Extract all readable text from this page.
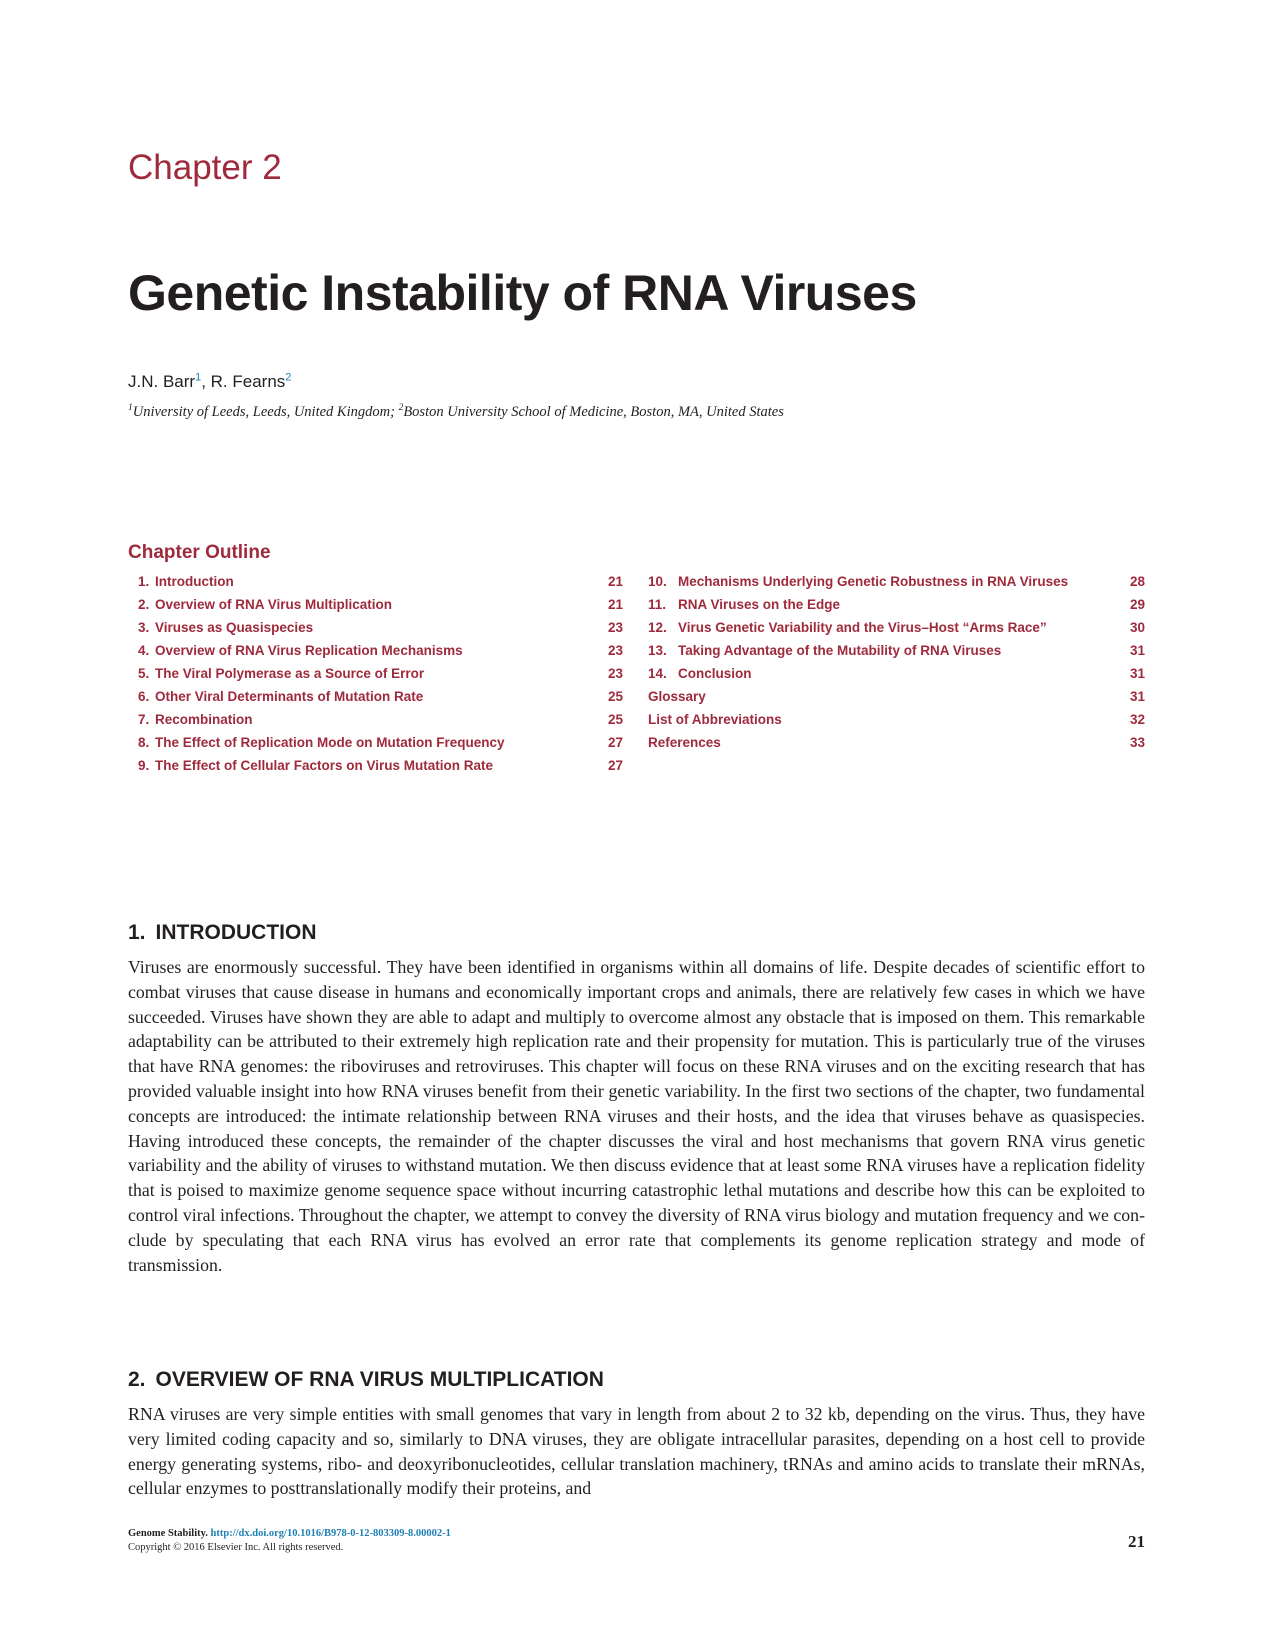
Chapter 2
Genetic Instability of RNA Viruses
J.N. Barr$^1$, R. Fearns$^2$
$^1$University of Leeds, Leeds, United Kingdom; $^2$Boston University School of Medicine, Boston, MA, United States
Chapter Outline
1. Introduction	21
2. Overview of RNA Virus Multiplication	21
3. Viruses as Quasispecies	23
4. Overview of RNA Virus Replication Mechanisms	23
5. The Viral Polymerase as a Source of Error	23
6. Other Viral Determinants of Mutation Rate	25
7. Recombination	25
8. The Effect of Replication Mode on Mutation Frequency	27
9. The Effect of Cellular Factors on Virus Mutation Rate	27
10. Mechanisms Underlying Genetic Robustness in RNA Viruses	28
11. RNA Viruses on the Edge	29
12. Virus Genetic Variability and the Virus–Host “Arms Race”	30
13. Taking Advantage of the Mutability of RNA Viruses	31
14. Conclusion	31
Glossary	31
List of Abbreviations	32
References	33
1. INTRODUCTION

Viruses are enormously successful. They have been identified in organisms within all domains of life. Despite decades of scientific effort to combat viruses that cause disease in humans and economically important crops and animals, there are relatively few cases in which we have succeeded. Viruses have shown they are able to adapt and multiply to overcome almost any obstacle that is imposed on them. This remarkable adaptability can be attributed to their extremely high replication rate and their propensity for mutation. This is particularly true of the viruses that have RNA genomes: the riboviruses and retroviruses. This chapter will focus on these RNA viruses and on the exciting research that has provided valuable insight into how RNA viruses benefit from their genetic variability. In the first two sections of the chapter, two fundamental concepts are introduced: the intimate relationship between RNA viruses and their hosts, and the idea that viruses behave as quasispecies. Having introduced these concepts, the remainder of the chapter discusses the viral and host mechanisms that govern RNA virus genetic variability and the ability of viruses to withstand mutation. We then discuss evidence that at least some RNA viruses have a replication fidelity that is poised to maximize genome sequence space without incurring catastrophic lethal mutations and describe how this can be exploited to control viral infections. Throughout the chapter, we attempt to convey the diversity of RNA virus biology and mutation frequency and we conclude by speculating that each RNA virus has evolved an error rate that complements its genome replication strategy and mode of transmission.

2. OVERVIEW OF RNA VIRUS MULTIPLICATION

RNA viruses are very simple entities with small genomes that vary in length from about 2 to 32 kb, depending on the virus. Thus, they have very limited coding capacity and so, similarly to DNA viruses, they are obligate intracellular parasites, depending on a host cell to provide energy generating systems, ribo- and deoxyribonucleotides, cellular translation machinery, tRNAs and amino acids to translate their mRNAs, cellular enzymes to posttranslationally modify their proteins, and

Genome Stability. http://dx.doi.org/10.1016/B978-0-12-803309-8.00002-1
Copyright © 2016 Elsevier Inc. All rights reserved.	21
